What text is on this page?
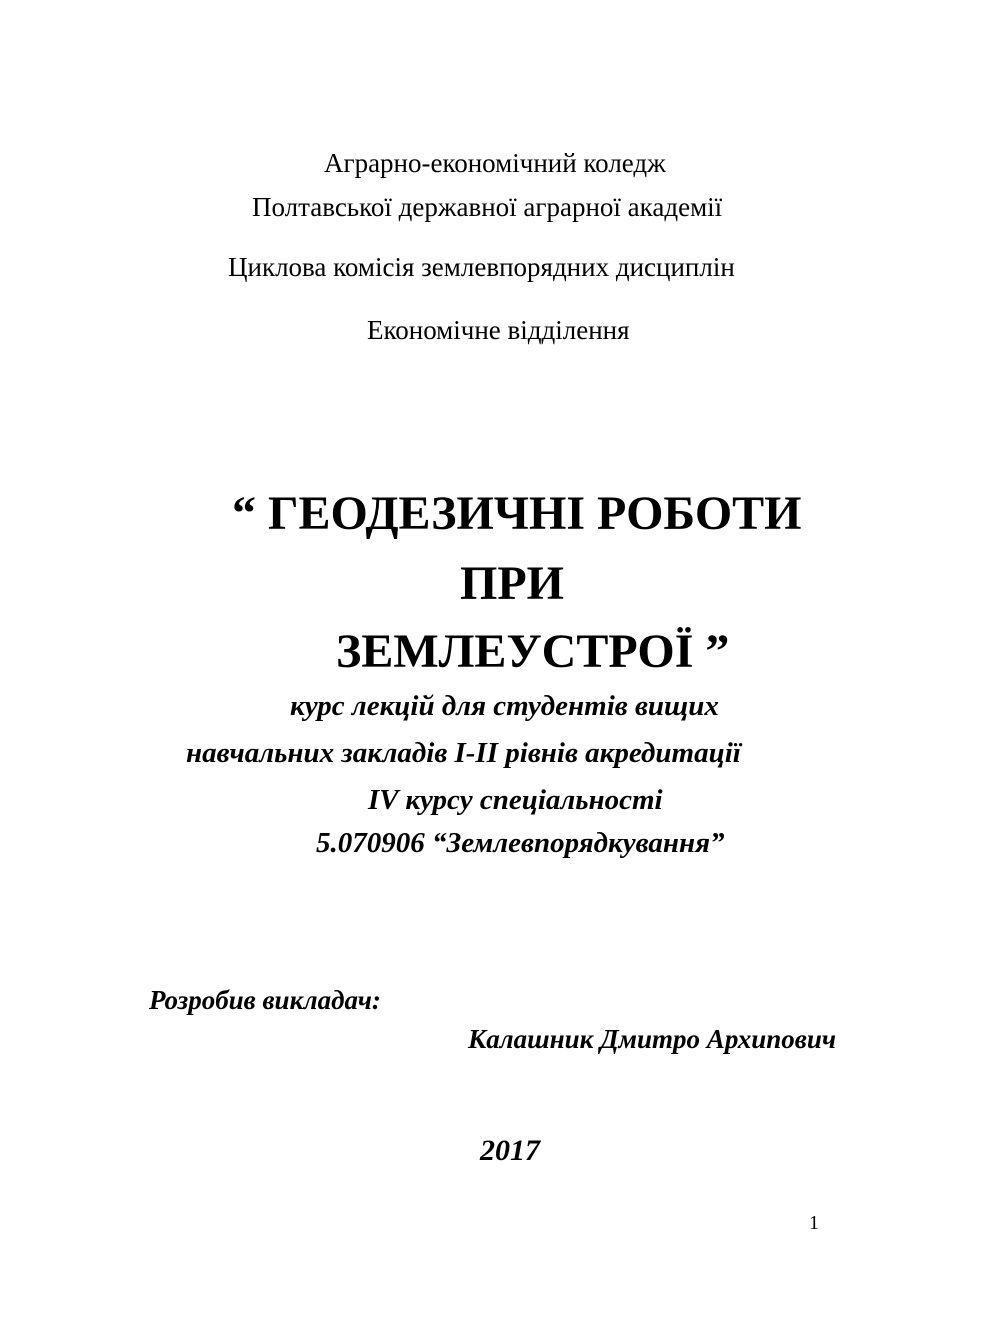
Аграрно-економічний коледж
Полтавської державної аграрної академії
Циклова комісія землевпорядних дисциплін
Економічне відділення
“ ГЕОДЕЗИЧНІ РОБОТИ
ПРИ
ЗЕМЛЕУСТРОЇ ”
курс лекцій для студентів вищих
навчальних закладів І-ІІ рівнів акредитації
IV курсу спеціальності
5.070906 “Землевпорядкування”
Розробив викладач:
Калашник Дмитро Архипович
2017
1
